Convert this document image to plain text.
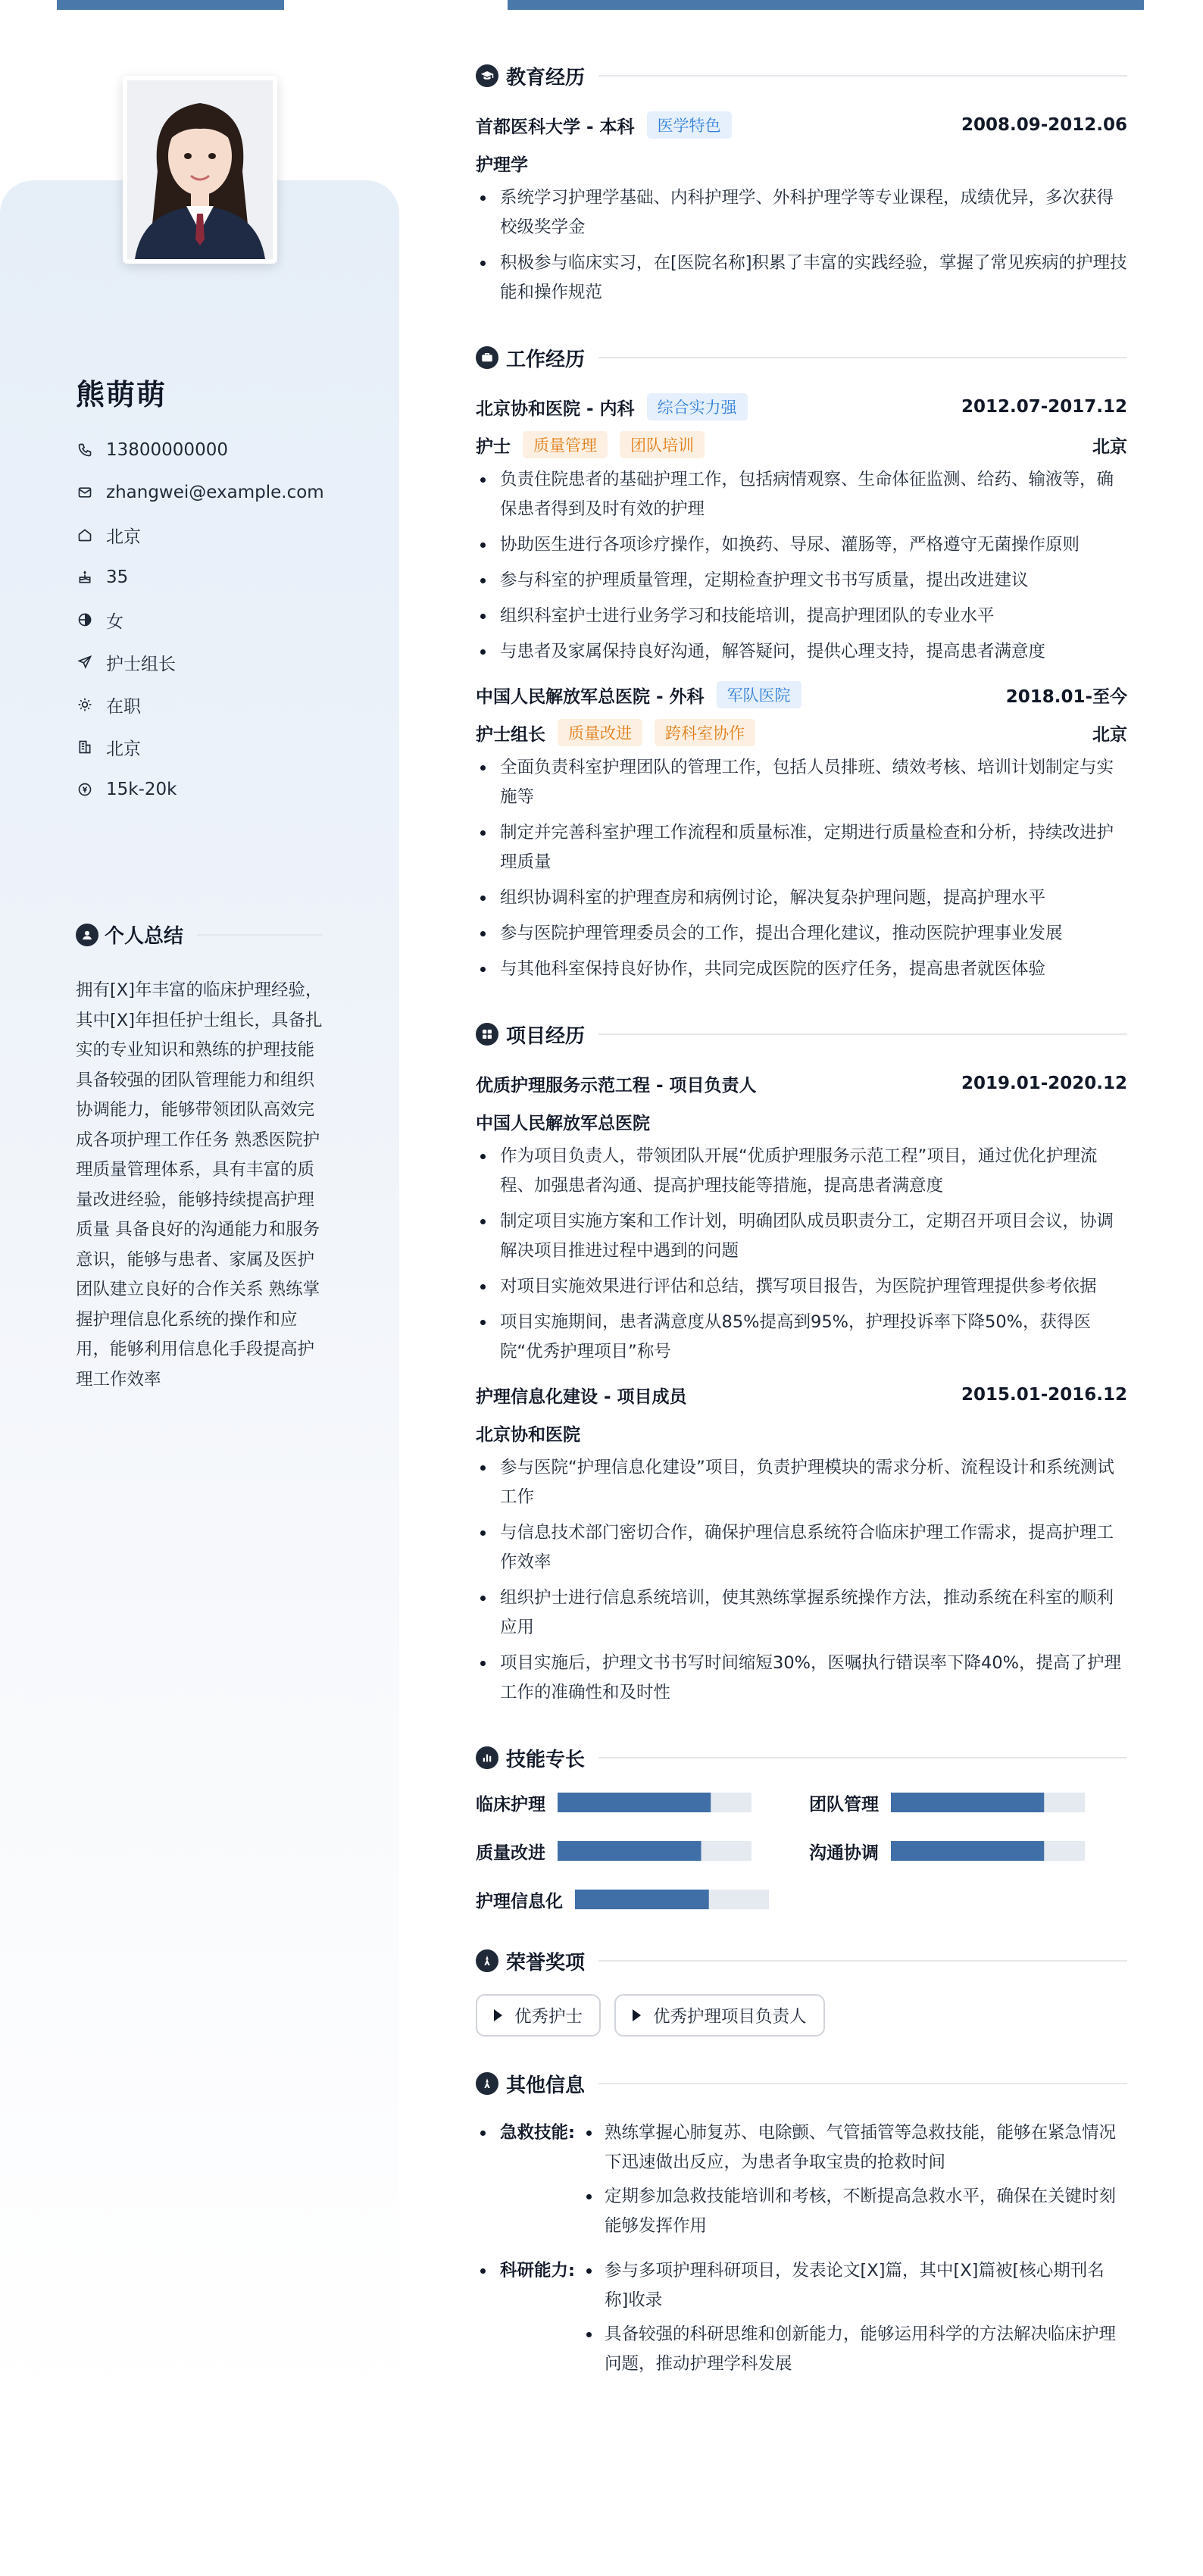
熊萌萌
13800000000
zhangwei@example.com
北京
35
女
护士组长
在职
北京
15k-20k
个人总结
拥有[X]年丰富的临床护理经验，其中[X]年担任护士组长，具备扎实的专业知识和熟练的护理技能 具备较强的团队管理能力和组织协调能力，能够带领团队高效完成各项护理工作任务 熟悉医院护理质量管理体系，具有丰富的质量改进经验，能够持续提高护理质量 具备良好的沟通能力和服务意识，能够与患者、家属及医护团队建立良好的合作关系 熟练掌握护理信息化系统的操作和应用，能够利用信息化手段提高护理工作效率
教育经历
首都医科大学 - 本科	医学特色	2008.09-2012.06
护理学
系统学习护理学基础、内科护理学、外科护理学等专业课程，成绩优异，多次获得校级奖学金
积极参与临床实习，在[医院名称]积累了丰富的实践经验，掌握了常见疾病的护理技能和操作规范
工作经历
北京协和医院 - 内科	综合实力强	2012.07-2017.12
护士	质量管理	团队培训	北京
负责住院患者的基础护理工作，包括病情观察、生命体征监测、给药、输液等，确保患者得到及时有效的护理
协助医生进行各项诊疗操作，如换药、导尿、灌肠等，严格遵守无菌操作原则
参与科室的护理质量管理，定期检查护理文书书写质量，提出改进建议
组织科室护士进行业务学习和技能培训，提高护理团队的专业水平
与患者及家属保持良好沟通，解答疑问，提供心理支持，提高患者满意度
中国人民解放军总医院 - 外科	军队医院	2018.01-至今
护士组长	质量改进	跨科室协作	北京
全面负责科室护理团队的管理工作，包括人员排班、绩效考核、培训计划制定与实施等
制定并完善科室护理工作流程和质量标准，定期进行质量检查和分析，持续改进护理质量
组织协调科室的护理查房和病例讨论，解决复杂护理问题，提高护理水平
参与医院护理管理委员会的工作，提出合理化建议，推动医院护理事业发展
与其他科室保持良好协作，共同完成医院的医疗任务，提高患者就医体验
项目经历
优质护理服务示范工程 - 项目负责人	2019.01-2020.12
中国人民解放军总医院
作为项目负责人，带领团队开展“优质护理服务示范工程”项目，通过优化护理流程、加强患者沟通、提高护理技能等措施，提高患者满意度
制定项目实施方案和工作计划，明确团队成员职责分工，定期召开项目会议，协调解决项目推进过程中遇到的问题
对项目实施效果进行评估和总结，撰写项目报告，为医院护理管理提供参考依据
项目实施期间，患者满意度从85%提高到95%，护理投诉率下降50%，获得医院“优秀护理项目”称号
护理信息化建设 - 项目成员	2015.01-2016.12
北京协和医院
参与医院“护理信息化建设”项目，负责护理模块的需求分析、流程设计和系统测试工作
与信息技术部门密切合作，确保护理信息系统符合临床护理工作需求，提高护理工作效率
组织护士进行信息系统培训，使其熟练掌握系统操作方法，推动系统在科室的顺利应用
项目实施后，护理文书书写时间缩短30%，医嘱执行错误率下降40%，提高了护理工作的准确性和及时性
技能专长
临床护理	团队管理
质量改进	沟通协调
护理信息化
荣誉奖项
优秀护士	优秀护理项目负责人
其他信息
急救技能:	熟练掌握心肺复苏、电除颤、气管插管等急救技能，能够在紧急情况下迅速做出反应，为患者争取宝贵的抢救时间
定期参加急救技能培训和考核，不断提高急救水平，确保在关键时刻能够发挥作用
科研能力:	参与多项护理科研项目，发表论文[X]篇，其中[X]篇被[核心期刊名称]收录
具备较强的科研思维和创新能力，能够运用科学的方法解决临床护理问题，推动护理学科发展
